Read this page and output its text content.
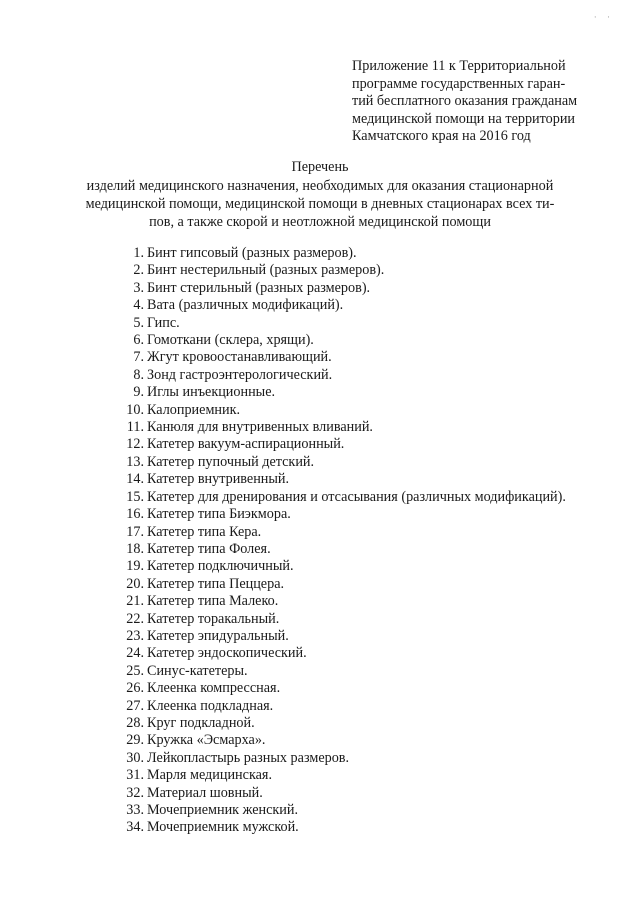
· ·
Приложение 11 к Территориальной
программе государственных гаран-
тий бесплатного оказания гражданам
медицинской помощи на территории
Камчатского края на 2016 год
Перечень
изделий медицинского назначения, необходимых для оказания стационарной
медицинской помощи, медицинской помощи в дневных стационарах всех ти-
пов, а также скорой и неотложной медицинской помощи
1. Бинт гипсовый (разных размеров).
2. Бинт нестерильный (разных размеров).
3. Бинт стерильный (разных размеров).
4. Вата (различных модификаций).
5. Гипс.
6. Гомоткани (склера, хрящи).
7. Жгут кровоостанавливающий.
8. Зонд гастроэнтерологический.
9. Иглы инъекционные.
10. Калоприемник.
11. Канюля для внутривенных вливаний.
12. Катетер вакуум-аспирационный.
13. Катетер пупочный детский.
14. Катетер внутривенный.
15. Катетер для дренирования и отсасывания (различных модификаций).
16. Катетер типа Биэкмора.
17. Катетер типа Кера.
18. Катетер типа Фолея.
19. Катетер подключичный.
20. Катетер типа Пеццера.
21. Катетер типа Малеко.
22. Катетер торакальный.
23. Катетер эпидуральный.
24. Катетер эндоскопический.
25. Синус-катетеры.
26. Клеенка компрессная.
27. Клеенка подкладная.
28. Круг подкладной.
29. Кружка «Эсмарха».
30. Лейкопластырь разных размеров.
31. Марля медицинская.
32. Материал шовный.
33. Мочеприемник женский.
34. Мочеприемник мужской.
